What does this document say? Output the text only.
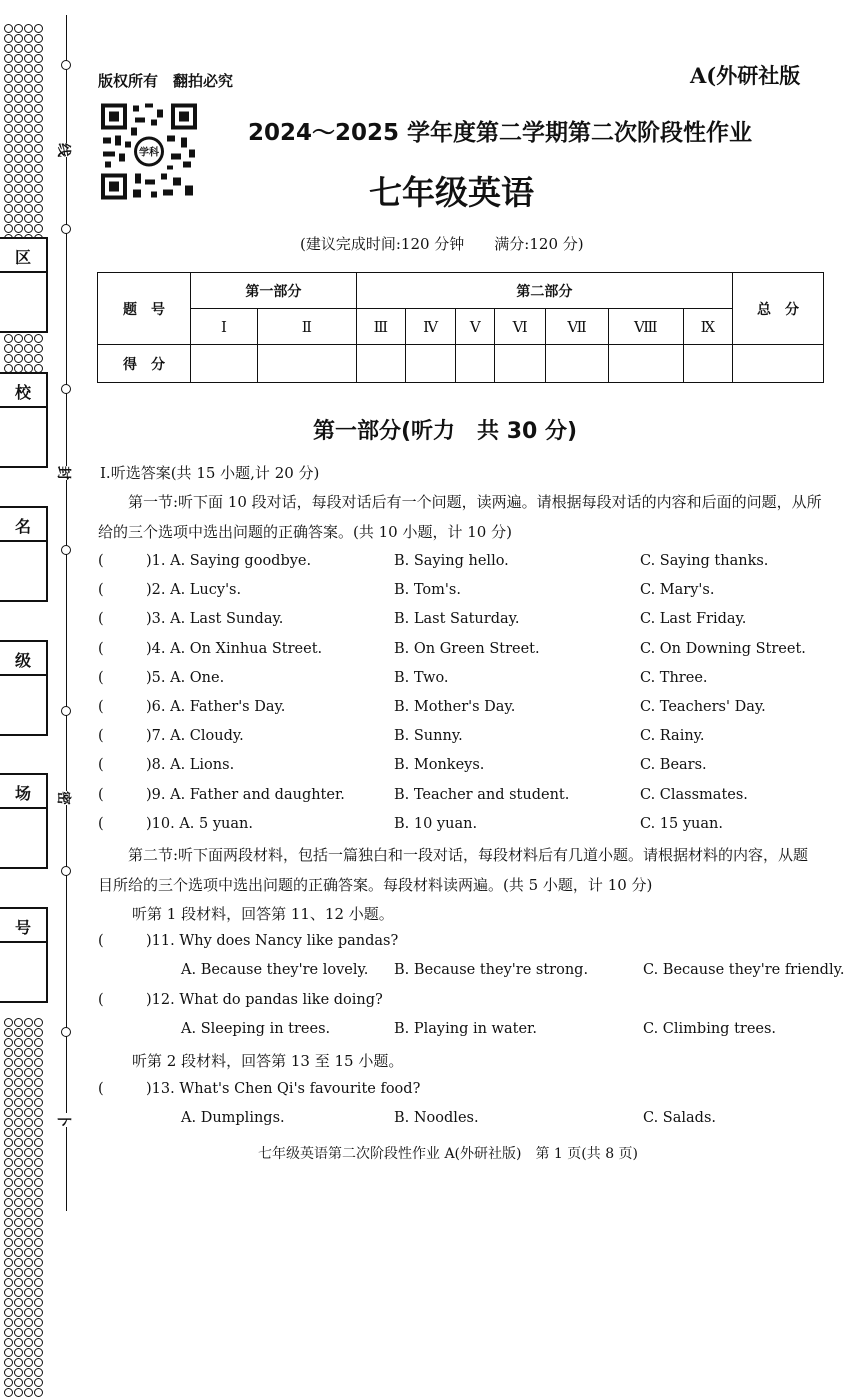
区
校
名
级
场
号
线
封
密
卜
版权所有　翻拍必究	A(外研社版
学科
2024～2025 学年度第二学期第二次阶段性作业
七年级英语
(建议完成时间:120 分钟　　满分:120 分)
题　号	第一部分		第二部分							总　分
	Ⅰ	Ⅱ	Ⅲ	Ⅳ	Ⅴ	Ⅵ	Ⅶ	Ⅷ	Ⅸ	
得　分										
第一部分(听力　共 30 分)
Ⅰ.听选答案(共 15 小题,计 20 分)
第一节:听下面 10 段对话，每段对话后有一个问题，读两遍。请根据每段对话的内容和后面的问题，从所给的三个选项中选出问题的正确答案。(共 10 小题，计 10 分)
(	)1. A. Saying goodbye.	B. Saying hello.	C. Saying thanks.
(	)2. A. Lucy's.	B. Tom's.	C. Mary's.
(	)3. A. Last Sunday.	B. Last Saturday.	C. Last Friday.
(	)4. A. On Xinhua Street.	B. On Green Street.	C. On Downing Street.
(	)5. A. One.	B. Two.	C. Three.
(	)6. A. Father's Day.	B. Mother's Day.	C. Teachers' Day.
(	)7. A. Cloudy.	B. Sunny.	C. Rainy.
(	)8. A. Lions.	B. Monkeys.	C. Bears.
(	)9. A. Father and daughter.	B. Teacher and student.	C. Classmates.
(	)10. A. 5 yuan.	B. 10 yuan.	C. 15 yuan.
第二节:听下面两段材料，包括一篇独白和一段对话，每段材料后有几道小题。请根据材料的内容，从题目所给的三个选项中选出问题的正确答案。每段材料读两遍。(共 5 小题，计 10 分)
听第 1 段材料，回答第 11、12 小题。
(	)11. Why does Nancy like pandas?
A. Because they're lovely. B. Because they're strong.	C. Because they're friendly.
(	)12. What do pandas like doing?
A. Sleeping in trees.	B. Playing in water.	C. Climbing trees.
听第 2 段材料，回答第 13 至 15 小题。
(	)13. What's Chen Qi's favourite food?
A. Dumplings.	B. Noodles.	C. Salads.
七年级英语第二次阶段性作业 A(外研社版)　第 1 页(共 8 页)
